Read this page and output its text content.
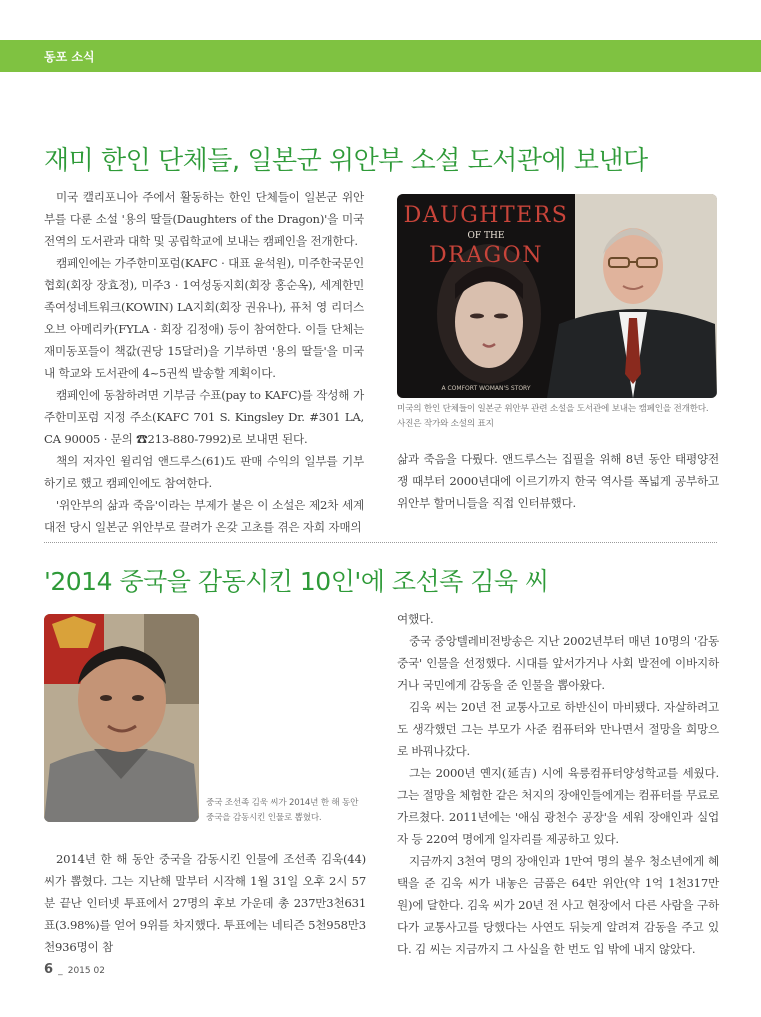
동포 소식
재미 한인 단체들, 일본군 위안부 소설 도서관에 보낸다

미국 캘리포니아 주에서 활동하는 한인 단체들이 일본군 위안부를 다룬 소설 '용의 딸들(Daughters of the Dragon)'을 미국 전역의 도서관과 대학 및 공립학교에 보내는 캠페인을 전개한다.

캠페인에는 가주한미포럼(KAFC · 대표 윤석원), 미주한국문인협회(회장 장효정), 미주3 · 1여성동지회(회장 홍순옥), 세계한민족여성네트워크(KOWIN) LA지회(회장 권유나), 퓨처 영 리더스 오브 아메리카(FYLA · 회장 김정애) 등이 참여한다. 이들 단체는 재미동포들이 책값(권당 15달러)을 기부하면 '용의 딸들'을 미국 내 학교와 도서관에 4~5권씩 발송할 계획이다.

캠페인에 동참하려면 기부금 수표(pay to KAFC)를 작성해 가주한미포럼 지정 주소(KAFC 701 S. Kingsley Dr. #301 LA, CA 90005 · 문의 ☎213-880-7992)로 보내면 된다.

책의 저자인 윌리엄 앤드루스(61)도 판매 수익의 일부를 기부하기로 했고 캠페인에도 참여한다.

'위안부의 삶과 죽음'이라는 부제가 붙은 이 소설은 제2차 세계대전 당시 일본군 위안부로 끌려가 온갖 고초를 겪은 자희 자매의

DAUGHTERS
OF THE
DRAGON
A COMFORT WOMAN'S STORY
미국의 한인 단체들이 일본군 위안부 관련 소설을 도서관에 보내는 캠페인을 전개한다. 사진은 작가와 소설의 표지

삶과 죽음을 다뤘다. 앤드루스는 집필을 위해 8년 동안 태평양전쟁 때부터 2000년대에 이르기까지 한국 역사를 폭넓게 공부하고 위안부 할머니들을 직접 인터뷰했다.

'2014 중국을 감동시킨 10인'에 조선족 김욱 씨
중국 조선족 김욱 씨가 2014년 한 해 동안 중국을 감동시킨 인물로 뽑혔다.

2014년 한 해 동안 중국을 감동시킨 인물에 조선족 김욱(44) 씨가 뽑혔다. 그는 지난해 말부터 시작해 1월 31일 오후 2시 57분 끝난 인터넷 투표에서 27명의 후보 가운데 총 237만3천631표(3.98%)를 얻어 9위를 차지했다. 투표에는 네티즌 5천958만3천936명이 참

여했다.

중국 중앙텔레비전방송은 지난 2002년부터 매년 10명의 '감동중국' 인물을 선정했다. 시대를 앞서가거나 사회 발전에 이바지하거나 국민에게 감동을 준 인물을 뽑아왔다.

김욱 씨는 20년 전 교통사고로 하반신이 마비됐다. 자살하려고도 생각했던 그는 부모가 사준 컴퓨터와 만나면서 절망을 희망으로 바꿔나갔다.

그는 2000년 옌지(延吉) 시에 육릉컴퓨터양성학교를 세웠다. 그는 절망을 체험한 같은 처지의 장애인들에게는 컴퓨터를 무료로 가르쳤다. 2011년에는 '애심 광천수 공장'을 세워 장애인과 실업자 등 220여 명에게 일자리를 제공하고 있다.

지금까지 3천여 명의 장애인과 1만여 명의 불우 청소년에게 혜택을 준 김욱 씨가 내놓은 금품은 64만 위안(약 1억 1천317만 원)에 달한다. 김욱 씨가 20년 전 사고 현장에서 다른 사람을 구하다가 교통사고를 당했다는 사연도 뒤늦게 알려져 감동을 주고 있다. 김 씨는 지금까지 그 사실을 한 번도 입 밖에 내지 않았다.

6 _ 2015 02
